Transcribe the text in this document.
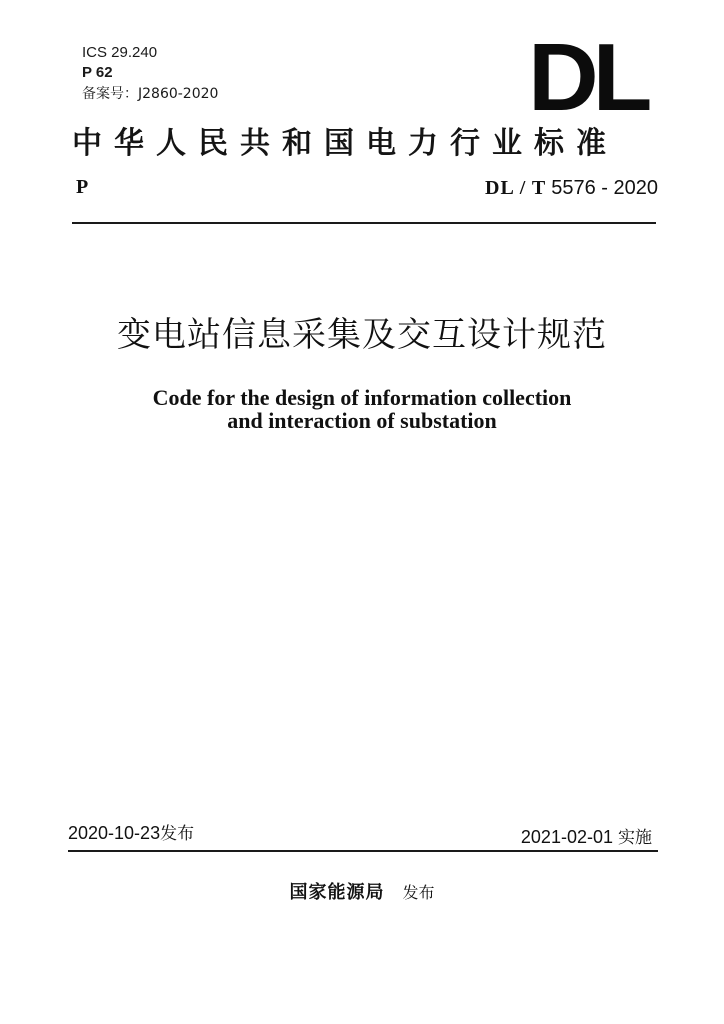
ICS 29.240
P 62
备案号：J2860-2020	DL
中华人民共和国电力行业标准
P	DL / T 5576 - 2020
变电站信息采集及交互设计规范
Code for the design of information collection
and interaction of substation
2020-10-23发布	2021-02-01 实施
国家能源局 发布
